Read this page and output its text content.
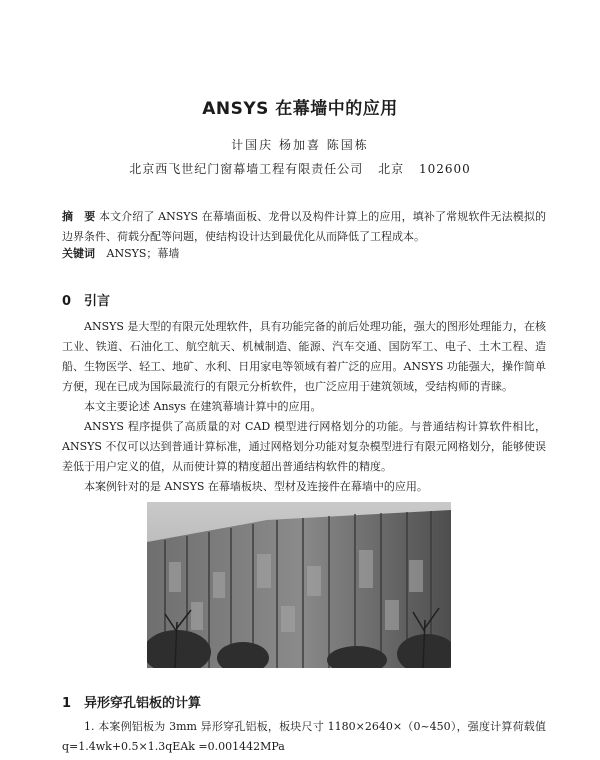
ANSYS 在幕墙中的应用
计国庆 杨加喜 陈国栋
北京西飞世纪门窗幕墙工程有限责任公司 北京 102600
摘　要 本文介绍了 ANSYS 在幕墙面板、龙骨以及构件计算上的应用，填补了常规软件无法模拟的边界条件、荷载分配等问题，使结构设计达到最优化从而降低了工程成本。
关键词 ANSYS；幕墙
0 引言
ANSYS 是大型的有限元处理软件，具有功能完备的前后处理功能，强大的图形处理能力，在核工业、铁道、石油化工、航空航天、机械制造、能源、汽车交通、国防军工、电子、土木工程、造船、生物医学、轻工、地矿、水利、日用家电等领域有着广泛的应用。ANSYS 功能强大，操作简单方便，现在已成为国际最流行的有限元分析软件，也广泛应用于建筑领域，受结构师的青睐。
本文主要论述 Ansys 在建筑幕墙计算中的应用。
ANSYS 程序提供了高质量的对 CAD 模型进行网格划分的功能。与普通结构计算软件相比，ANSYS 不仅可以达到普通计算标准，通过网格划分功能对复杂模型进行有限元网格划分，能够使误差低于用户定义的值，从而使计算的精度超出普通结构软件的精度。
本案例针对的是 ANSYS 在幕墙板块、型材及连接件在幕墙中的应用。
1 异形穿孔铝板的计算
1. 本案例铝板为 3mm 异形穿孔铝板，板块尺寸 1180×2640×（0~450），强度计算荷载值 q=1.4wk+0.5×1.3qEAk =0.001442MPa
